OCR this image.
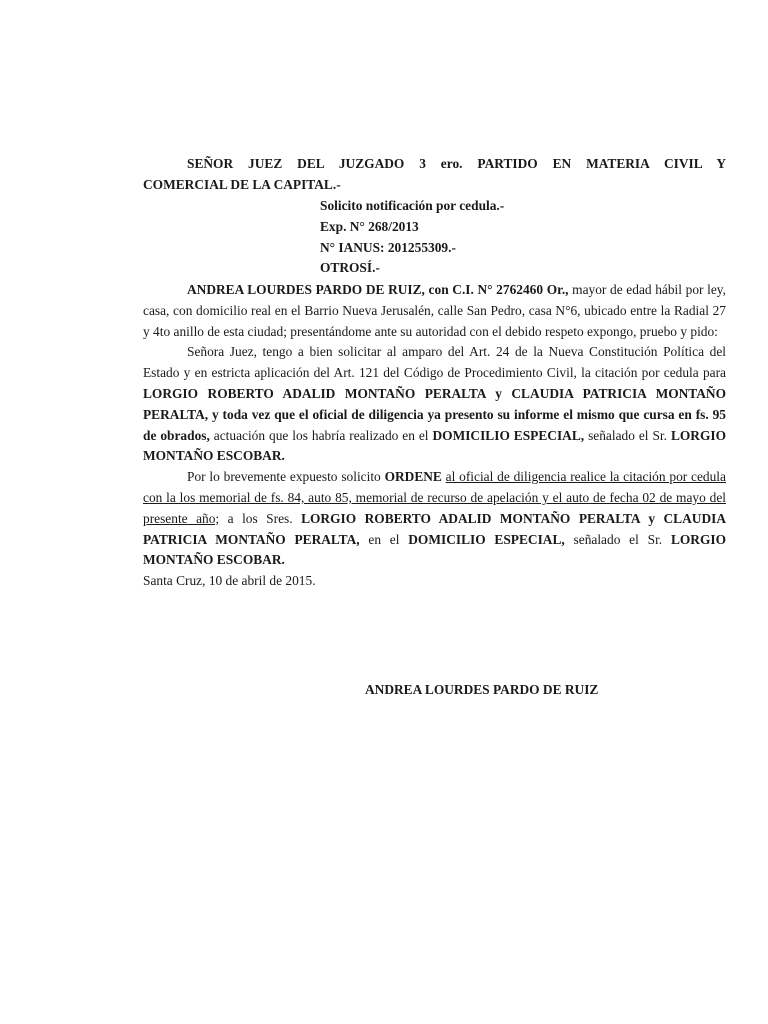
SEÑOR JUEZ DEL JUZGADO 3 ero. PARTIDO EN MATERIA CIVIL Y
COMERCIAL DE LA CAPITAL.-
Solicito notificación por cedula.-
Exp. N° 268/2013
N° IANUS: 201255309.-
OTROSÍ.-

ANDREA LOURDES PARDO DE RUIZ, con C.I. N° 2762460 Or., mayor de edad hábil por ley, casa, con domicilio real en el Barrio Nueva Jerusalén, calle San Pedro, casa N°6, ubicado entre la Radial 27 y 4to anillo de esta ciudad; presentándome ante su autoridad con el debido respeto expongo, pruebo y pido:

Señora Juez, tengo a bien solicitar al amparo del Art. 24 de la Nueva Constitución Política del Estado y en estricta aplicación del Art. 121 del Código de Procedimiento Civil, la citación por cedula para LORGIO ROBERTO ADALID MONTAÑO PERALTA y CLAUDIA PATRICIA MONTAÑO PERALTA, y toda vez que el oficial de diligencia ya presento su informe el mismo que cursa en fs. 95 de obrados, actuación que los habría realizado en el DOMICILIO ESPECIAL, señalado el Sr. LORGIO MONTAÑO ESCOBAR.

Por lo brevemente expuesto solicito ORDENE al oficial de diligencia realice la citación por cedula con la los memorial de fs. 84, auto 85, memorial de recurso de apelación y el auto de fecha 02 de mayo del presente año; a los Sres. LORGIO ROBERTO ADALID MONTAÑO PERALTA y CLAUDIA PATRICIA MONTAÑO PERALTA, en el DOMICILIO ESPECIAL, señalado el Sr. LORGIO MONTAÑO ESCOBAR.

Santa Cruz, 10 de abril de 2015.
ANDREA LOURDES PARDO DE RUIZ
